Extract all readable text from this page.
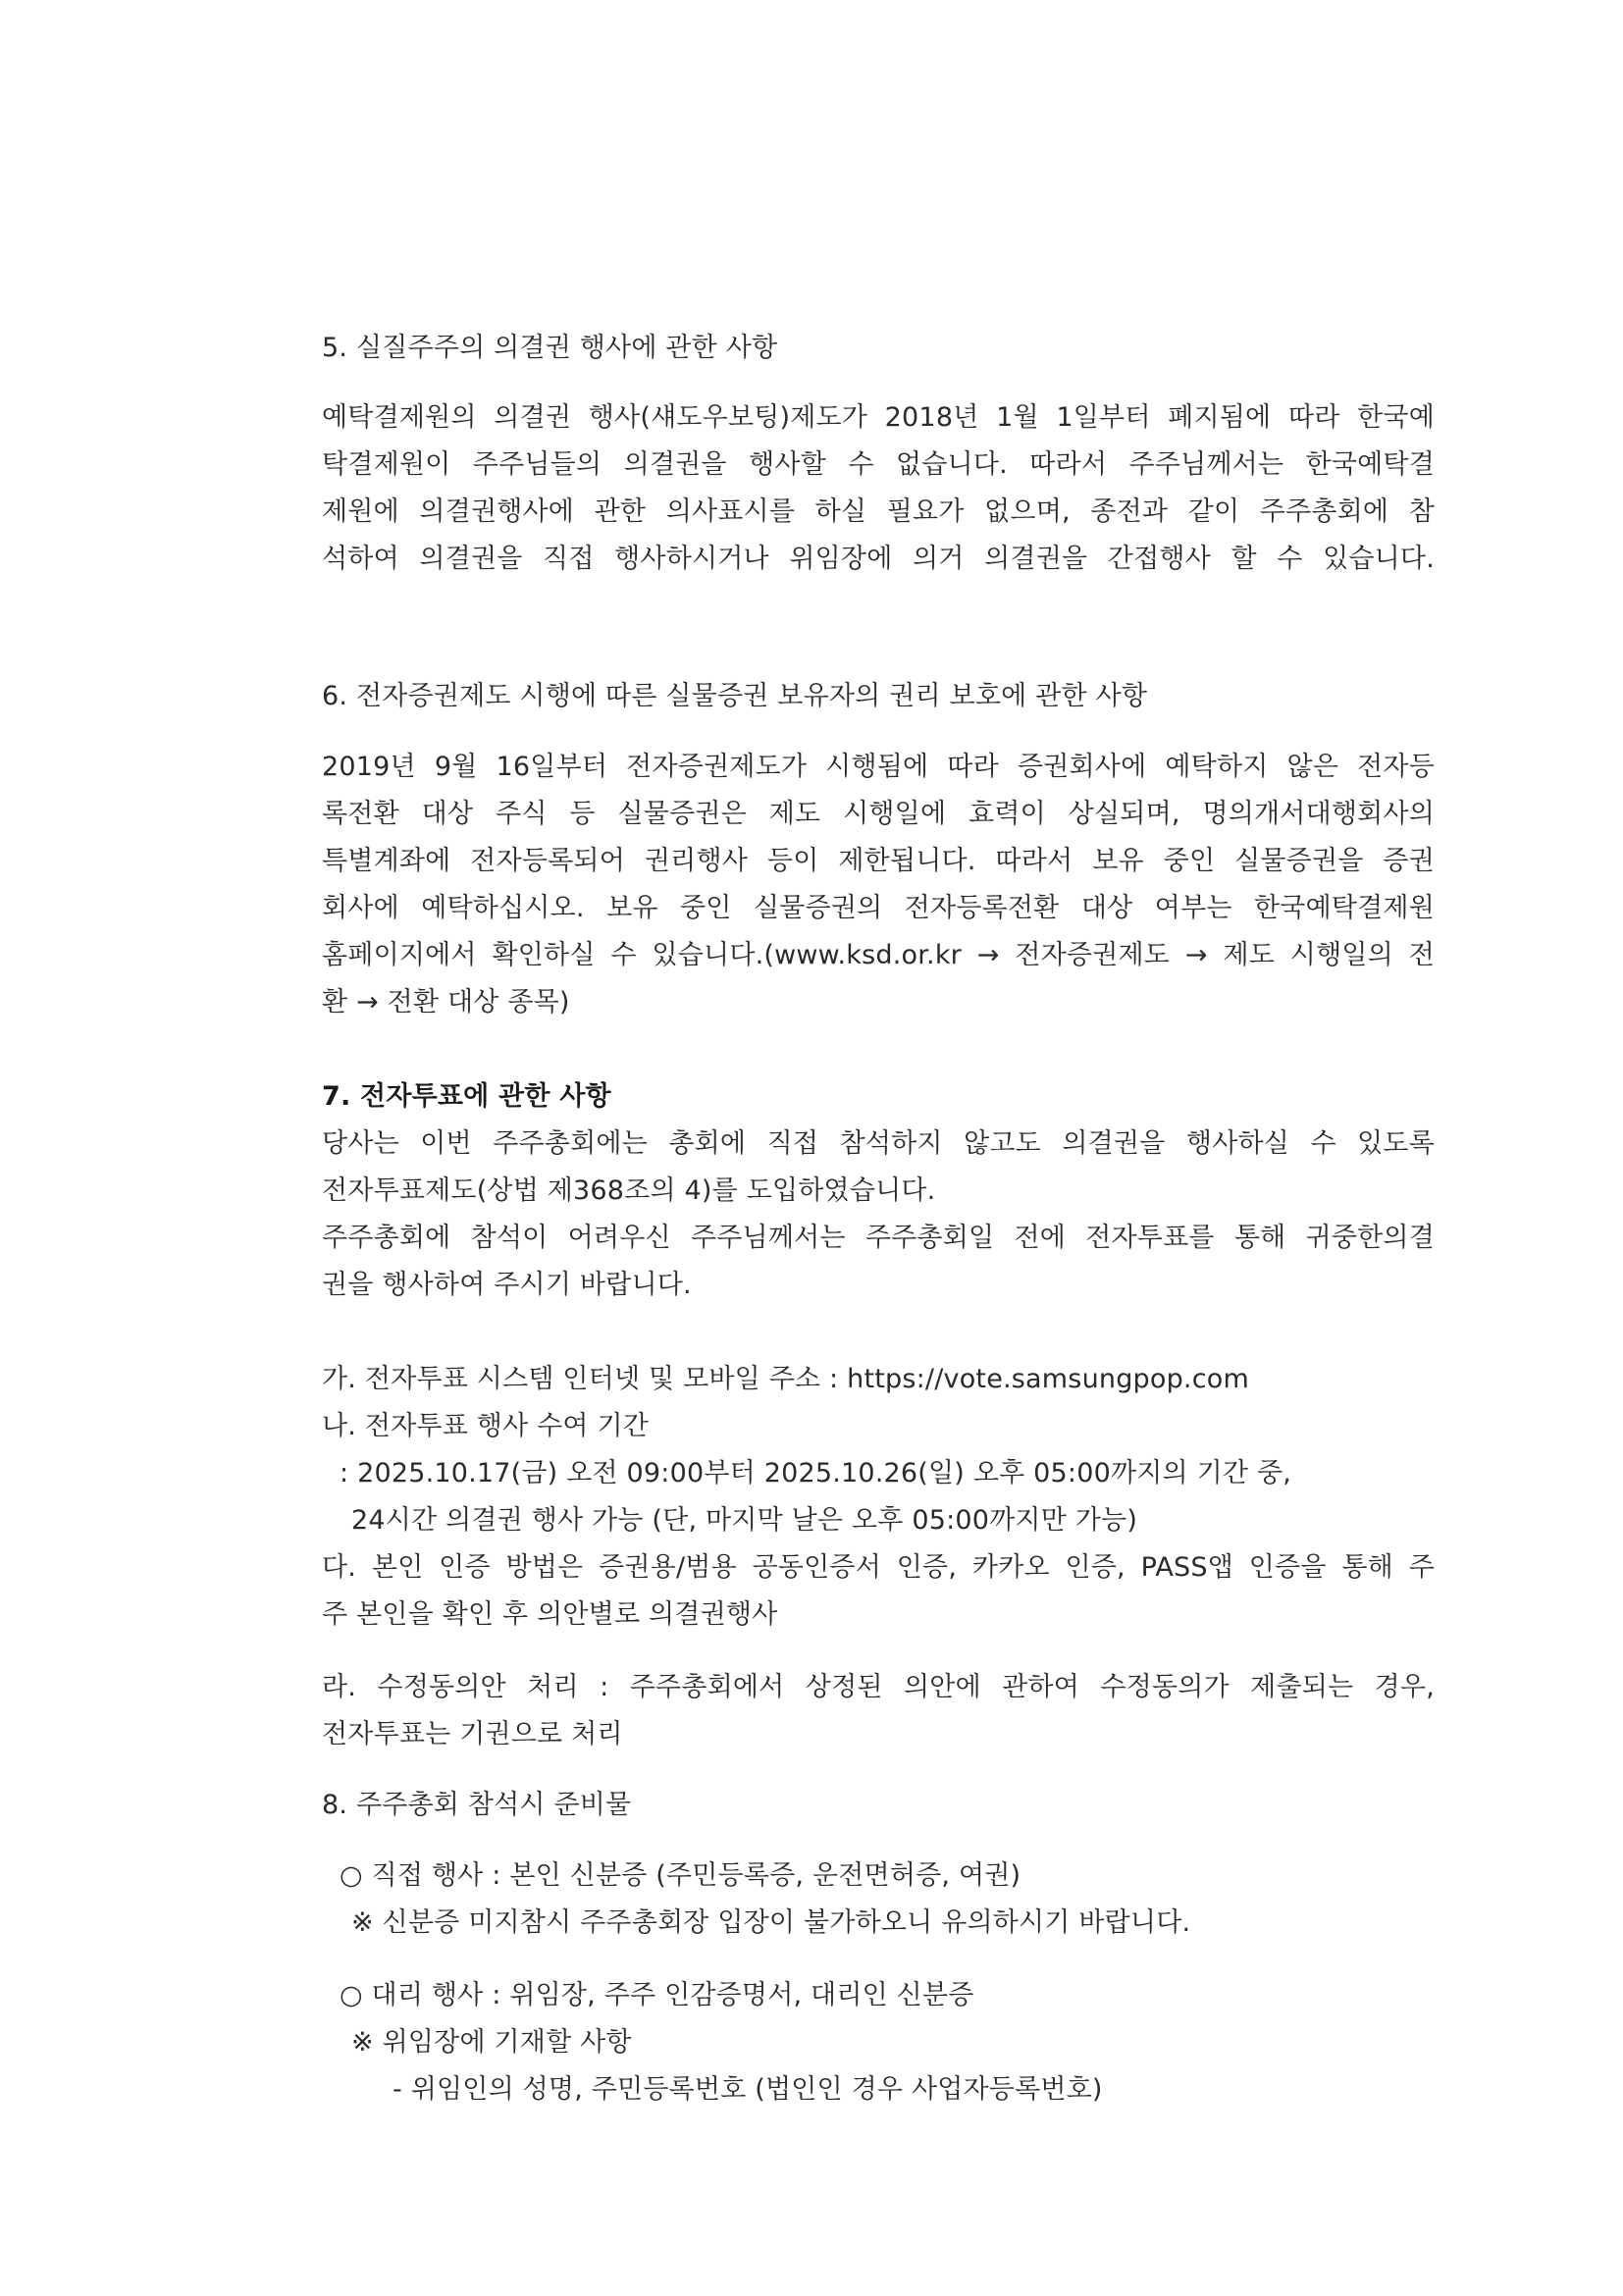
5. 실질주주의 의결권 행사에 관한 사항
예탁결제원의 의결권 행사(섀도우보팅)제도가 2018년 1월 1일부터 폐지됨에 따라 한국예
탁결제원이 주주님들의 의결권을 행사할 수 없습니다. 따라서 주주님께서는 한국예탁결
제원에 의결권행사에 관한 의사표시를 하실 필요가 없으며, 종전과 같이 주주총회에 참
석하여 의결권을 직접 행사하시거나 위임장에 의거 의결권을 간접행사 할 수 있습니다.
6. 전자증권제도 시행에 따른 실물증권 보유자의 권리 보호에 관한 사항
2019년 9월 16일부터 전자증권제도가 시행됨에 따라 증권회사에 예탁하지 않은 전자등
록전환 대상 주식 등 실물증권은 제도 시행일에 효력이 상실되며, 명의개서대행회사의
특별계좌에 전자등록되어 권리행사 등이 제한됩니다. 따라서 보유 중인 실물증권을 증권
회사에 예탁하십시오. 보유 중인 실물증권의 전자등록전환 대상 여부는 한국예탁결제원
홈페이지에서 확인하실 수 있습니다.(www.ksd.or.kr → 전자증권제도 → 제도 시행일의 전
환 → 전환 대상 종목)
7. 전자투표에 관한 사항
당사는 이번 주주총회에는 총회에 직접 참석하지 않고도 의결권을 행사하실 수 있도록
전자투표제도(상법 제368조의 4)를 도입하였습니다.
주주총회에 참석이 어려우신 주주님께서는 주주총회일 전에 전자투표를 통해 귀중한의결
권을 행사하여 주시기 바랍니다.
가. 전자투표 시스템 인터넷 및 모바일 주소 : https://vote.samsungpop.com
나. 전자투표 행사 수여 기간
: 2025.10.17(금) 오전 09:00부터 2025.10.26(일) 오후 05:00까지의 기간 중,
24시간 의결권 행사 가능 (단, 마지막 날은 오후 05:00까지만 가능)
다. 본인 인증 방법은 증권용/범용 공동인증서 인증, 카카오 인증, PASS앱 인증을 통해 주
주 본인을 확인 후 의안별로 의결권행사
라. 수정동의안 처리 : 주주총회에서 상정된 의안에 관하여 수정동의가 제출되는 경우,
전자투표는 기권으로 처리
8. 주주총회 참석시 준비물
○ 직접 행사 : 본인 신분증 (주민등록증, 운전면허증, 여권)
※ 신분증 미지참시 주주총회장 입장이 불가하오니 유의하시기 바랍니다.
○ 대리 행사 : 위임장, 주주 인감증명서, 대리인 신분증
※ 위임장에 기재할 사항
- 위임인의 성명, 주민등록번호 (법인인 경우 사업자등록번호)
